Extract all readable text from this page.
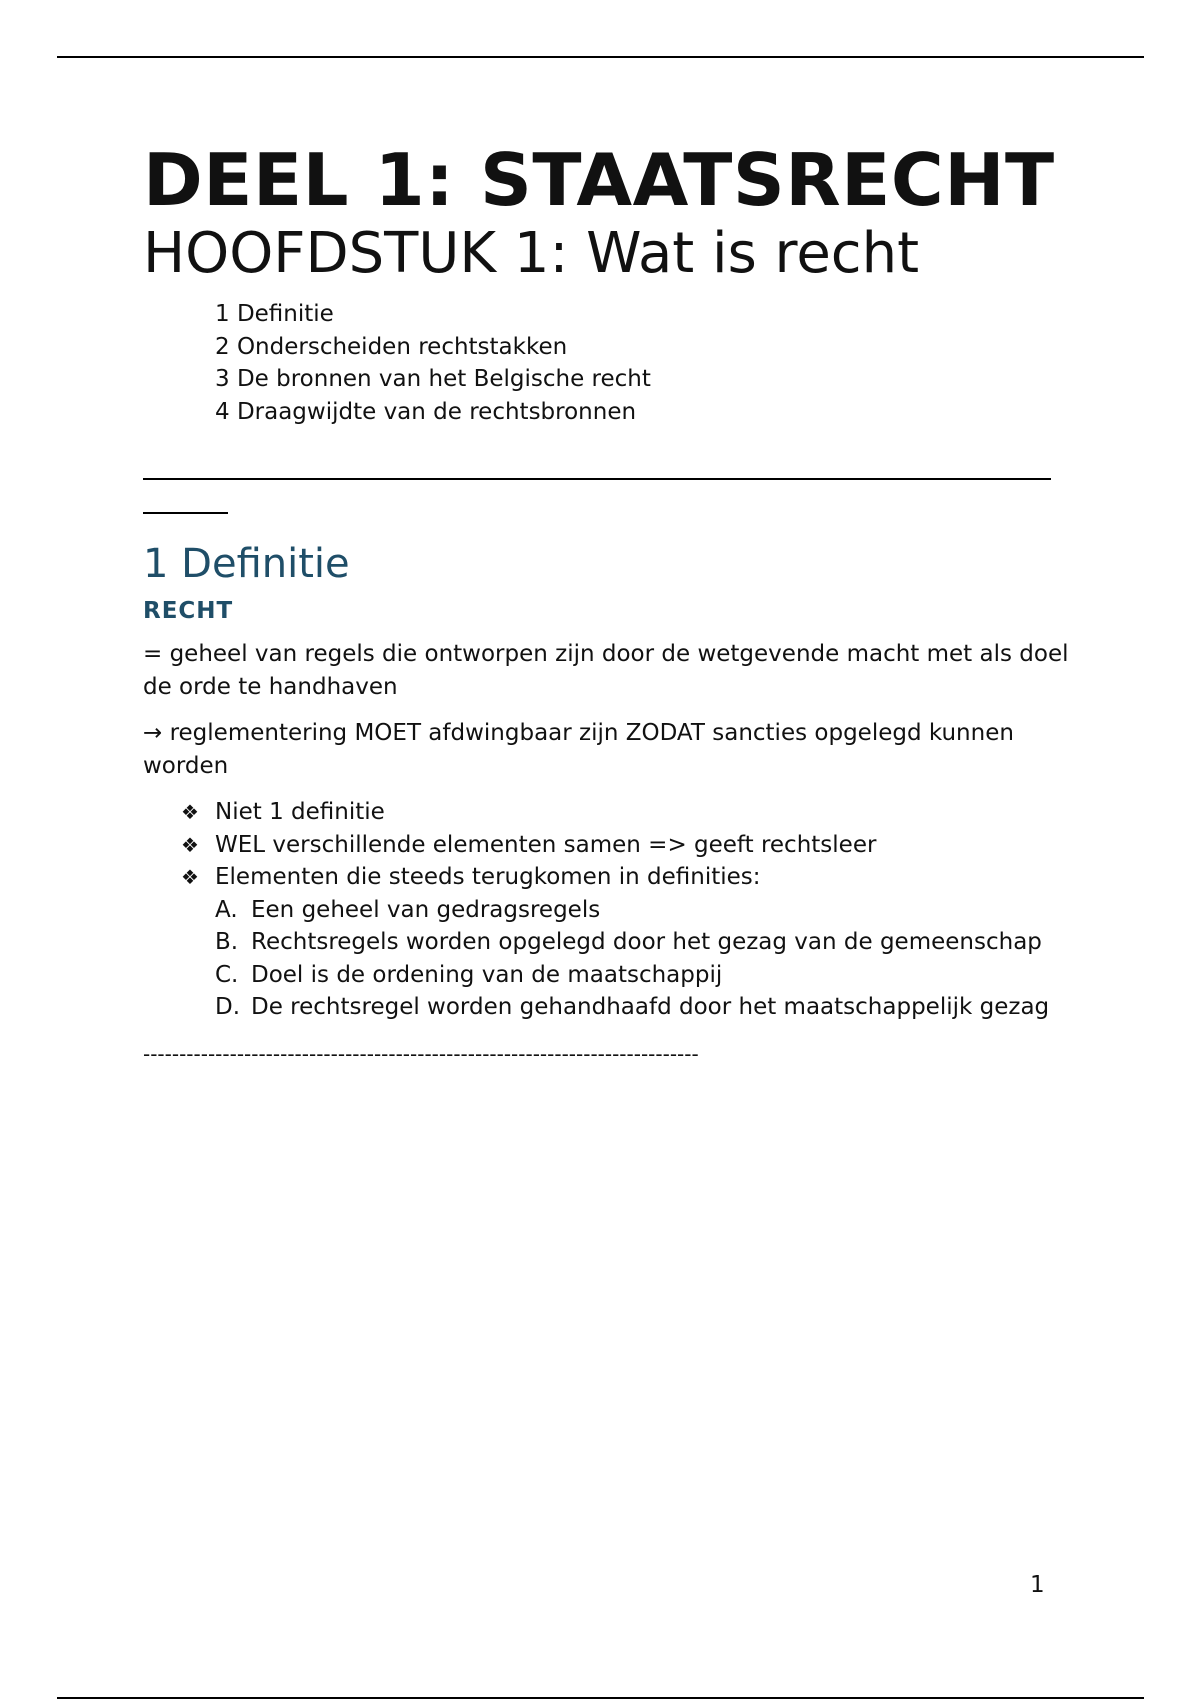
DEEL 1: STAATSRECHT
HOOFDSTUK 1: Wat is recht
1 Definitie
2 Onderscheiden rechtstakken
3 De bronnen van het Belgische recht
4 Draagwijdte van de rechtsbronnen
1 Definitie
RECHT

= geheel van regels die ontworpen zijn door de wetgevende macht met als doel de orde te handhaven

→ reglementering MOET afdwingbaar zijn ZODAT sancties opgelegd kunnen worden

❖ Niet 1 definitie
❖ WEL verschillende elementen samen => geeft rechtsleer
❖ Elementen die steeds terugkomen in definities:
A. Een geheel van gedragsregels
B. Rechtsregels worden opgelegd door het gezag van de gemeenschap
C. Doel is de ordening van de maatschappij
D. De rechtsregel worden gehandhaafd door het maatschappelijk gezag
-----------------------------------------------------------------------------
1
